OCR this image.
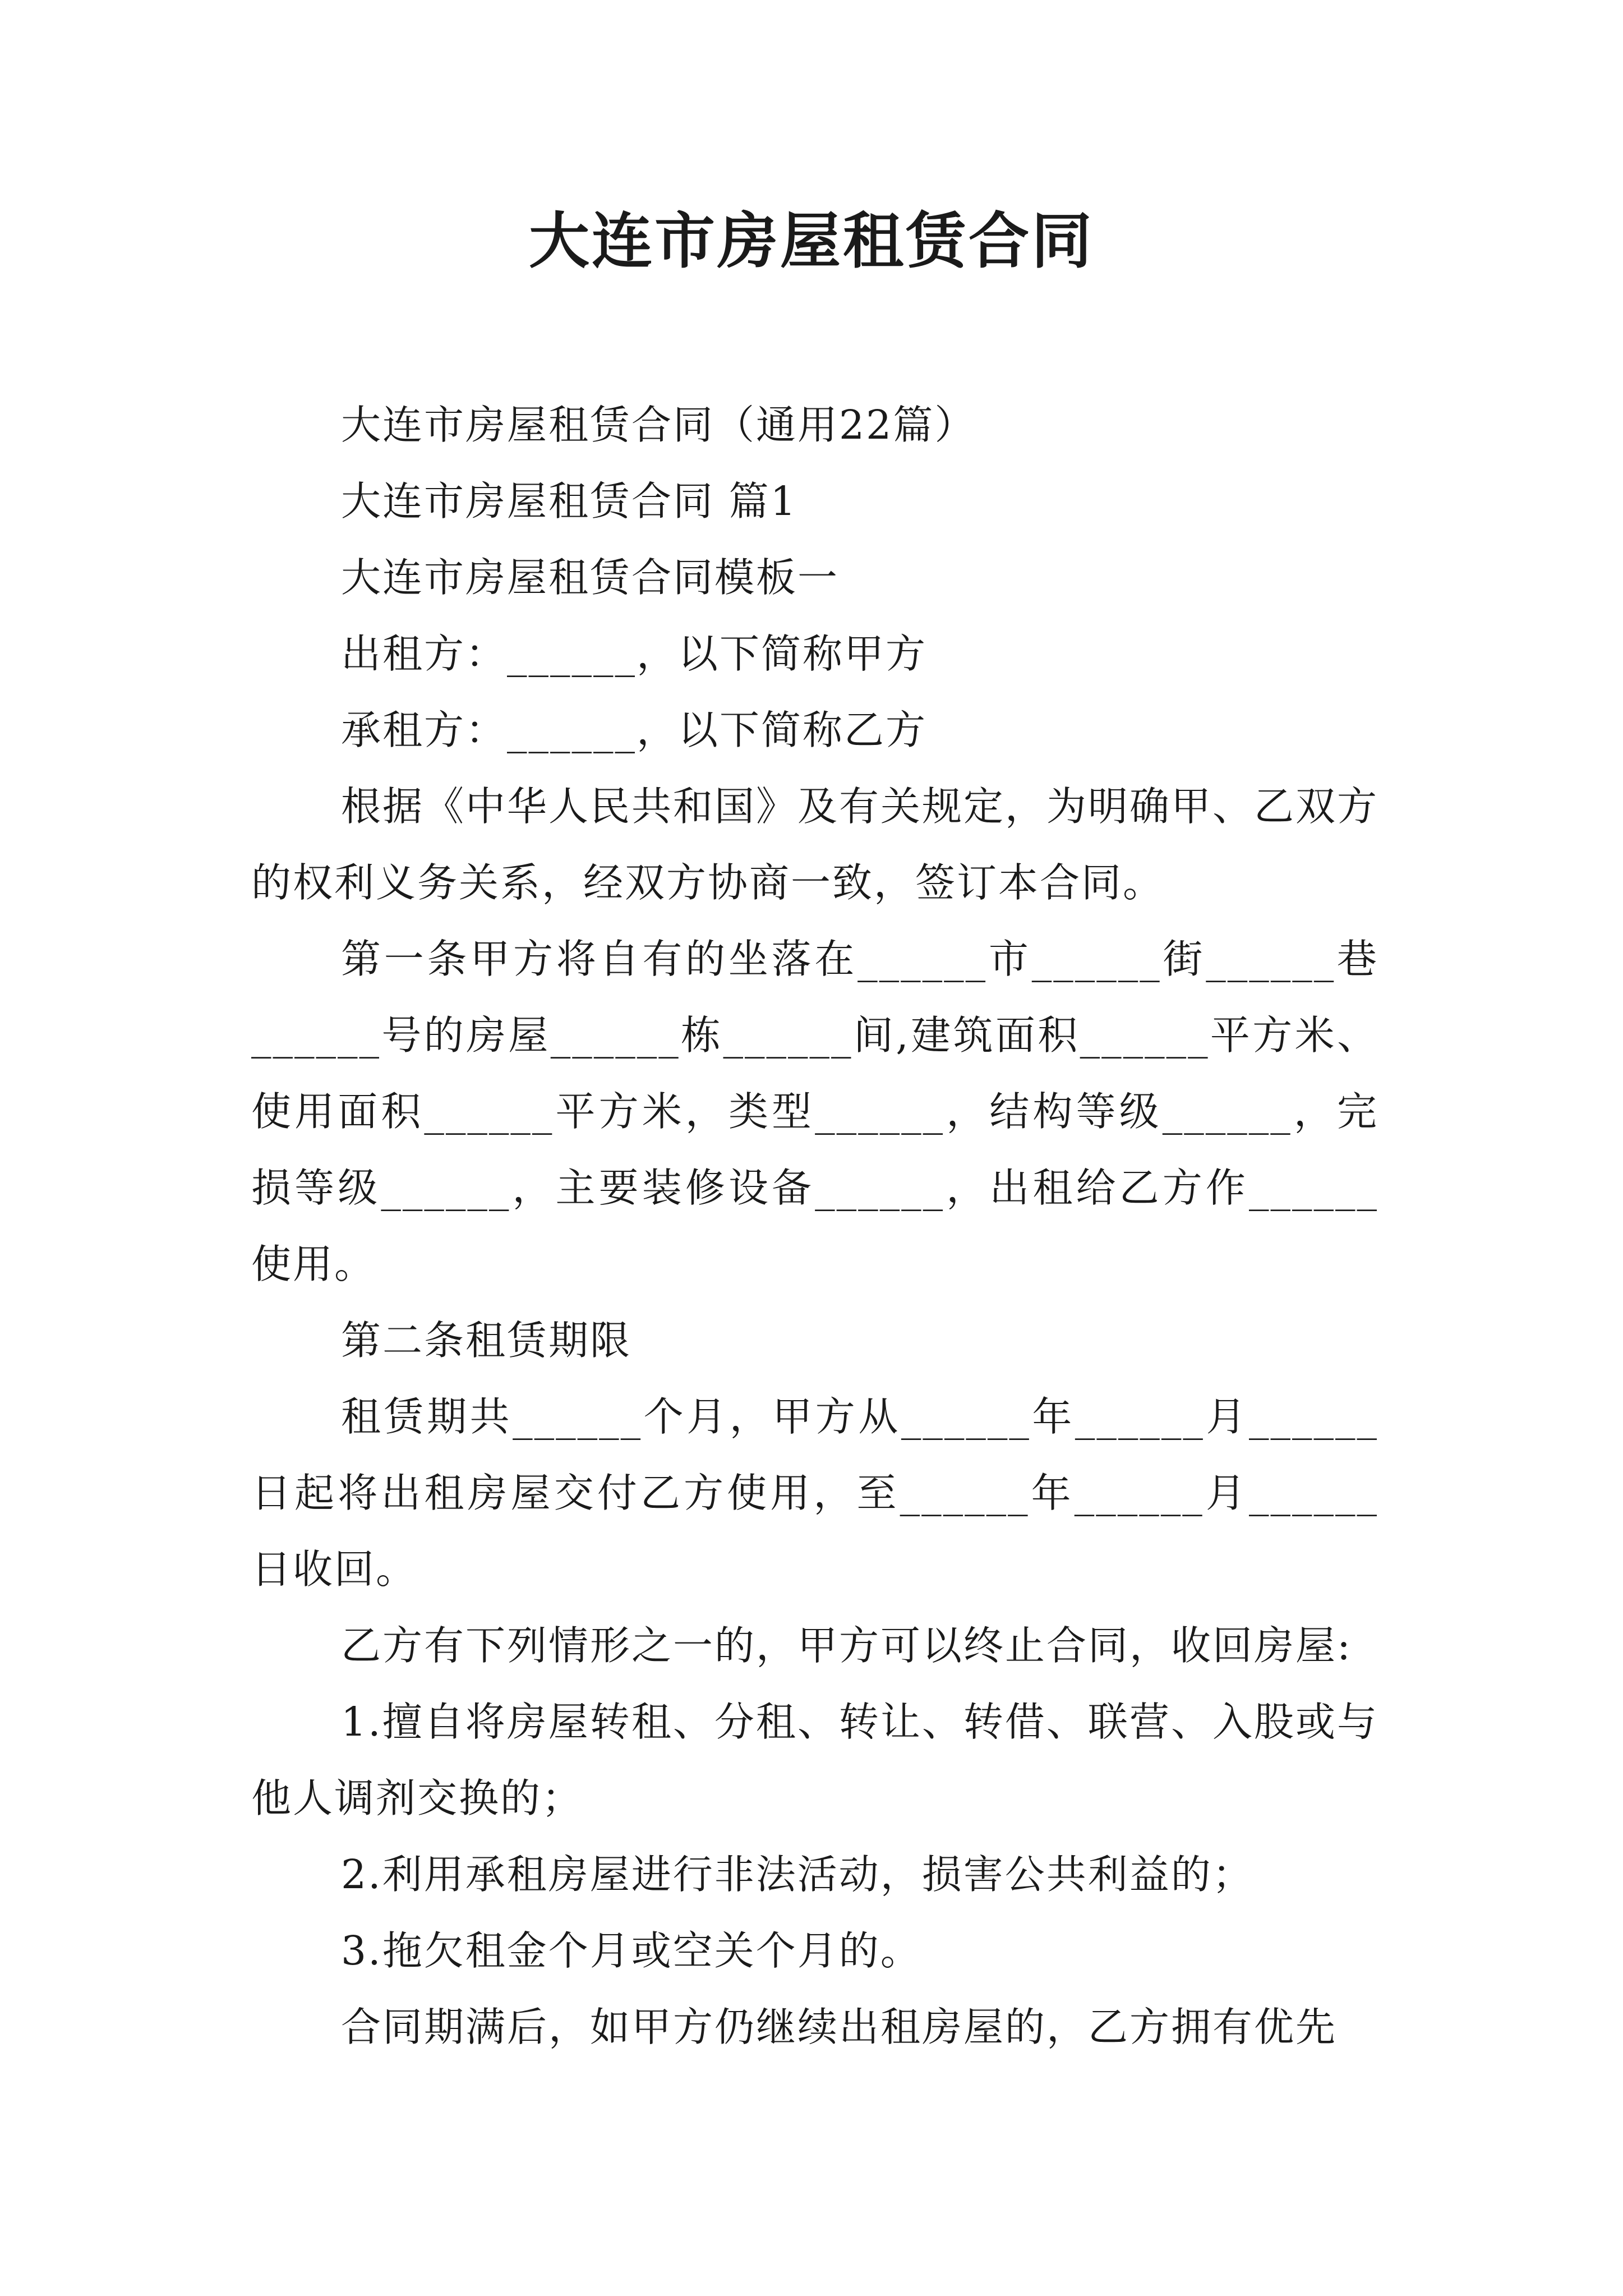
大连市房屋租赁合同

大连市房屋租赁合同（通用22篇）

大连市房屋租赁合同 篇1

大连市房屋租赁合同模板一

出租方：______，以下简称甲方

承租方：______，以下简称乙方

根据《中华人民共和国》及有关规定，为明确甲、乙双方的权利义务关系，经双方协商一致，签订本合同。

第一条甲方将自有的坐落在______市______街______巷______号的房屋______栋______间,建筑面积______平方米、使用面积______平方米，类型______，结构等级______，完损等级______，主要装修设备______，出租给乙方作______使用。

第二条租赁期限

租赁期共______个月，甲方从______年______月______日起将出租房屋交付乙方使用，至______年______月______日收回。

乙方有下列情形之一的，甲方可以终止合同，收回房屋:

1.擅自将房屋转租、分租、转让、转借、联营、入股或与他人调剂交换的；

2.利用承租房屋进行非法活动，损害公共利益的；

3.拖欠租金个月或空关个月的。

合同期满后，如甲方仍继续出租房屋的，乙方拥有优先
